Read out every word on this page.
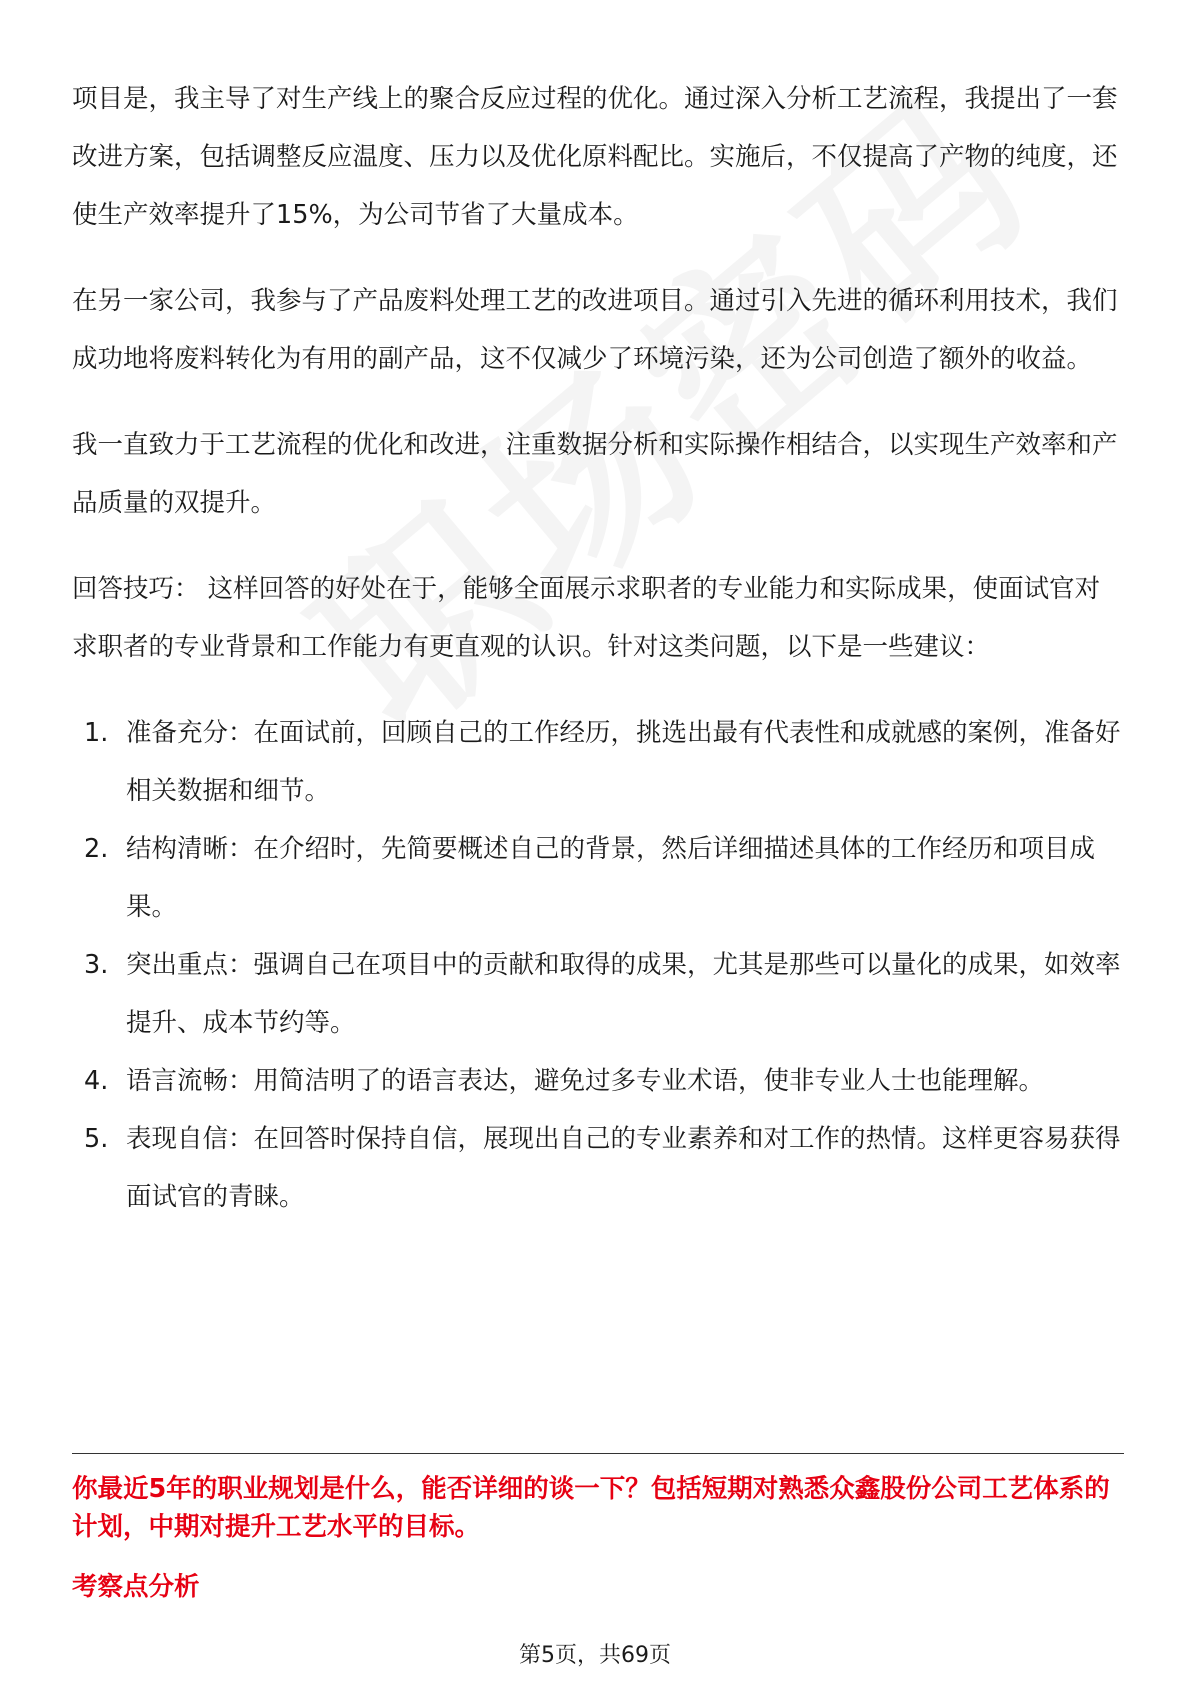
项目是，我主导了对生产线上的聚合反应过程的优化。通过深入分析工艺流程，我提出了一套改进方案，包括调整反应温度、压力以及优化原料配比。实施后，不仅提高了产物的纯度，还使生产效率提升了15%，为公司节省了大量成本。

在另一家公司，我参与了产品废料处理工艺的改进项目。通过引入先进的循环利用技术，我们成功地将废料转化为有用的副产品，这不仅减少了环境污染，还为公司创造了额外的收益。

我一直致力于工艺流程的优化和改进，注重数据分析和实际操作相结合，以实现生产效率和产品质量的双提升。

回答技巧： 这样回答的好处在于，能够全面展示求职者的专业能力和实际成果，使面试官对求职者的专业背景和工作能力有更直观的认识。针对这类问题，以下是一些建议：

1. 准备充分：在面试前，回顾自己的工作经历，挑选出最有代表性和成就感的案例，准备好相关数据和细节。
2. 结构清晰：在介绍时，先简要概述自己的背景，然后详细描述具体的工作经历和项目成果。
3. 突出重点：强调自己在项目中的贡献和取得的成果，尤其是那些可以量化的成果，如效率提升、成本节约等。
4. 语言流畅：用简洁明了的语言表达，避免过多专业术语，使非专业人士也能理解。
5. 表现自信：在回答时保持自信，展现出自己的专业素养和对工作的热情。这样更容易获得面试官的青睐。

你最近5年的职业规划是什么，能否详细的谈一下？包括短期对熟悉众鑫股份公司工艺体系的计划，中期对提升工艺水平的目标。

考察点分析

第5页，共69页
